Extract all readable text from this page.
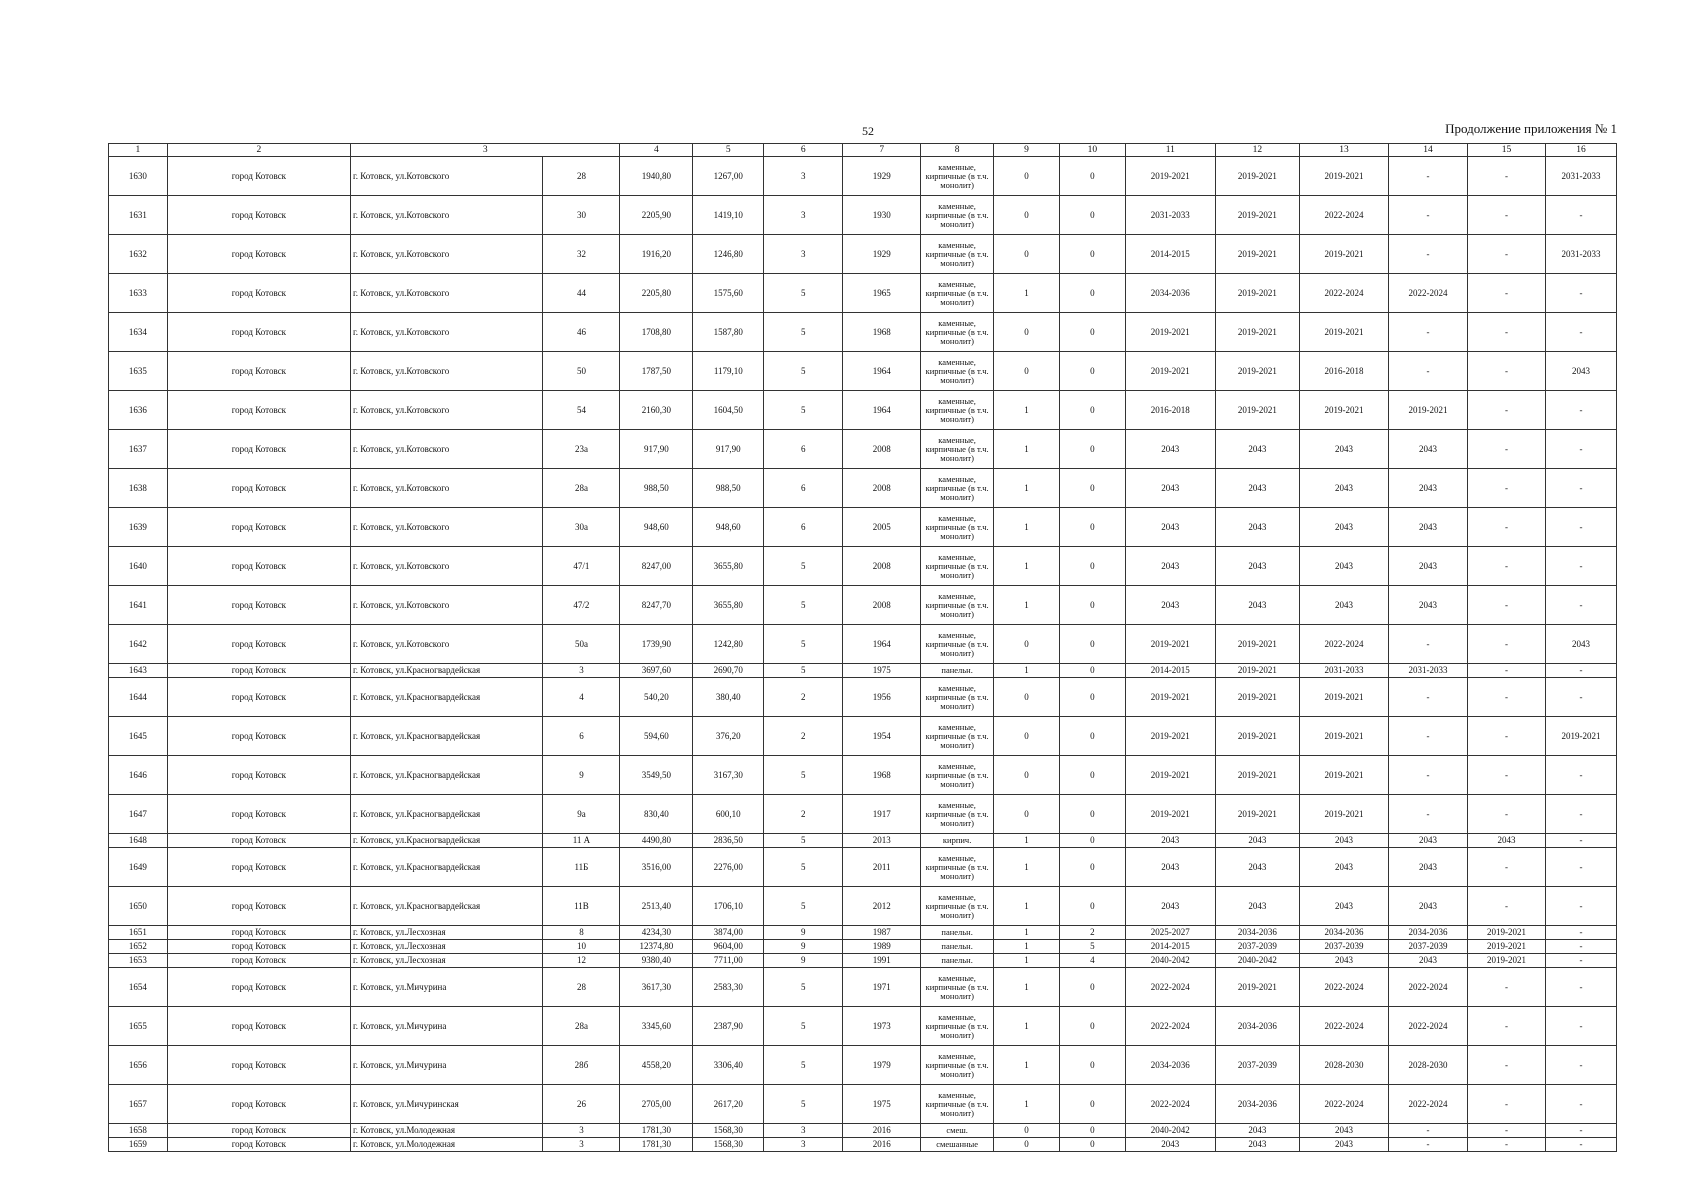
52	Продолжение приложения № 1
1	2	3		4	5	6	7	8	9	10	11	12	13	14	15	16
1630	город Котовск	г. Котовск, ул.Котовского	28	1940,80	1267,00	3	1929	каменные, кирпичные (в т.ч. монолит)	0	0	2019-2021	2019-2021	2019-2021	-	-	2031-2033
1631	город Котовск	г. Котовск, ул.Котовского	30	2205,90	1419,10	3	1930	каменные, кирпичные (в т.ч. монолит)	0	0	2031-2033	2019-2021	2022-2024	-	-	-
1632	город Котовск	г. Котовск, ул.Котовского	32	1916,20	1246,80	3	1929	каменные, кирпичные (в т.ч. монолит)	0	0	2014-2015	2019-2021	2019-2021	-	-	2031-2033
1633	город Котовск	г. Котовск, ул.Котовского	44	2205,80	1575,60	5	1965	каменные, кирпичные (в т.ч. монолит)	1	0	2034-2036	2019-2021	2022-2024	2022-2024	-	-
1634	город Котовск	г. Котовск, ул.Котовского	46	1708,80	1587,80	5	1968	каменные, кирпичные (в т.ч. монолит)	0	0	2019-2021	2019-2021	2019-2021	-	-	-
1635	город Котовск	г. Котовск, ул.Котовского	50	1787,50	1179,10	5	1964	каменные, кирпичные (в т.ч. монолит)	0	0	2019-2021	2019-2021	2016-2018	-	-	2043
1636	город Котовск	г. Котовск, ул.Котовского	54	2160,30	1604,50	5	1964	каменные, кирпичные (в т.ч. монолит)	1	0	2016-2018	2019-2021	2019-2021	2019-2021	-	-
1637	город Котовск	г. Котовск, ул.Котовского	23а	917,90	917,90	6	2008	каменные, кирпичные (в т.ч. монолит)	1	0	2043	2043	2043	2043	-	-
1638	город Котовск	г. Котовск, ул.Котовского	28а	988,50	988,50	6	2008	каменные, кирпичные (в т.ч. монолит)	1	0	2043	2043	2043	2043	-	-
1639	город Котовск	г. Котовск, ул.Котовского	30а	948,60	948,60	6	2005	каменные, кирпичные (в т.ч. монолит)	1	0	2043	2043	2043	2043	-	-
1640	город Котовск	г. Котовск, ул.Котовского	47/1	8247,00	3655,80	5	2008	каменные, кирпичные (в т.ч. монолит)	1	0	2043	2043	2043	2043	-	-
1641	город Котовск	г. Котовск, ул.Котовского	47/2	8247,70	3655,80	5	2008	каменные, кирпичные (в т.ч. монолит)	1	0	2043	2043	2043	2043	-	-
1642	город Котовск	г. Котовск, ул.Котовского	50а	1739,90	1242,80	5	1964	каменные, кирпичные (в т.ч. монолит)	0	0	2019-2021	2019-2021	2022-2024	-	-	2043
1643	город Котовск	г. Котовск, ул.Красногвардейская	3	3697,60	2690,70	5	1975	панельн.	1	0	2014-2015	2019-2021	2031-2033	2031-2033	-	-
1644	город Котовск	г. Котовск, ул.Красногвардейская	4	540,20	380,40	2	1956	каменные, кирпичные (в т.ч. монолит)	0	0	2019-2021	2019-2021	2019-2021	-	-	-
1645	город Котовск	г. Котовск, ул.Красногвардейская	6	594,60	376,20	2	1954	каменные, кирпичные (в т.ч. монолит)	0	0	2019-2021	2019-2021	2019-2021	-	-	2019-2021
1646	город Котовск	г. Котовск, ул.Красногвардейская	9	3549,50	3167,30	5	1968	каменные, кирпичные (в т.ч. монолит)	0	0	2019-2021	2019-2021	2019-2021	-	-	-
1647	город Котовск	г. Котовск, ул.Красногвардейская	9а	830,40	600,10	2	1917	каменные, кирпичные (в т.ч. монолит)	0	0	2019-2021	2019-2021	2019-2021	-	-	-
1648	город Котовск	г. Котовск, ул.Красногвардейская	11 А	4490,80	2836,50	5	2013	кирпич.	1	0	2043	2043	2043	2043	2043	-
1649	город Котовск	г. Котовск, ул.Красногвардейская	11Б	3516,00	2276,00	5	2011	каменные, кирпичные (в т.ч. монолит)	1	0	2043	2043	2043	2043	-	-
1650	город Котовск	г. Котовск, ул.Красногвардейская	11В	2513,40	1706,10	5	2012	каменные, кирпичные (в т.ч. монолит)	1	0	2043	2043	2043	2043	-	-
1651	город Котовск	г. Котовск, ул.Лесхозная	8	4234,30	3874,00	9	1987	панельн.	1	2	2025-2027	2034-2036	2034-2036	2034-2036	2019-2021	-
1652	город Котовск	г. Котовск, ул.Лесхозная	10	12374,80	9604,00	9	1989	панельн.	1	5	2014-2015	2037-2039	2037-2039	2037-2039	2019-2021	-
1653	город Котовск	г. Котовск, ул.Лесхозная	12	9380,40	7711,00	9	1991	панельн.	1	4	2040-2042	2040-2042	2043	2043	2019-2021	-
1654	город Котовск	г. Котовск, ул.Мичурина	28	3617,30	2583,30	5	1971	каменные, кирпичные (в т.ч. монолит)	1	0	2022-2024	2019-2021	2022-2024	2022-2024	-	-
1655	город Котовск	г. Котовск, ул.Мичурина	28а	3345,60	2387,90	5	1973	каменные, кирпичные (в т.ч. монолит)	1	0	2022-2024	2034-2036	2022-2024	2022-2024	-	-
1656	город Котовск	г. Котовск, ул.Мичурина	28б	4558,20	3306,40	5	1979	каменные, кирпичные (в т.ч. монолит)	1	0	2034-2036	2037-2039	2028-2030	2028-2030	-	-
1657	город Котовск	г. Котовск, ул.Мичуринская	26	2705,00	2617,20	5	1975	каменные, кирпичные (в т.ч. монолит)	1	0	2022-2024	2034-2036	2022-2024	2022-2024	-	-
1658	город Котовск	г. Котовск, ул.Молодежная	3	1781,30	1568,30	3	2016	смеш.	0	0	2040-2042	2043	2043	-	-	-
1659	город Котовск	г. Котовск, ул.Молодежная	3	1781,30	1568,30	3	2016	смешанные	0	0	2043	2043	2043	-	-	-
